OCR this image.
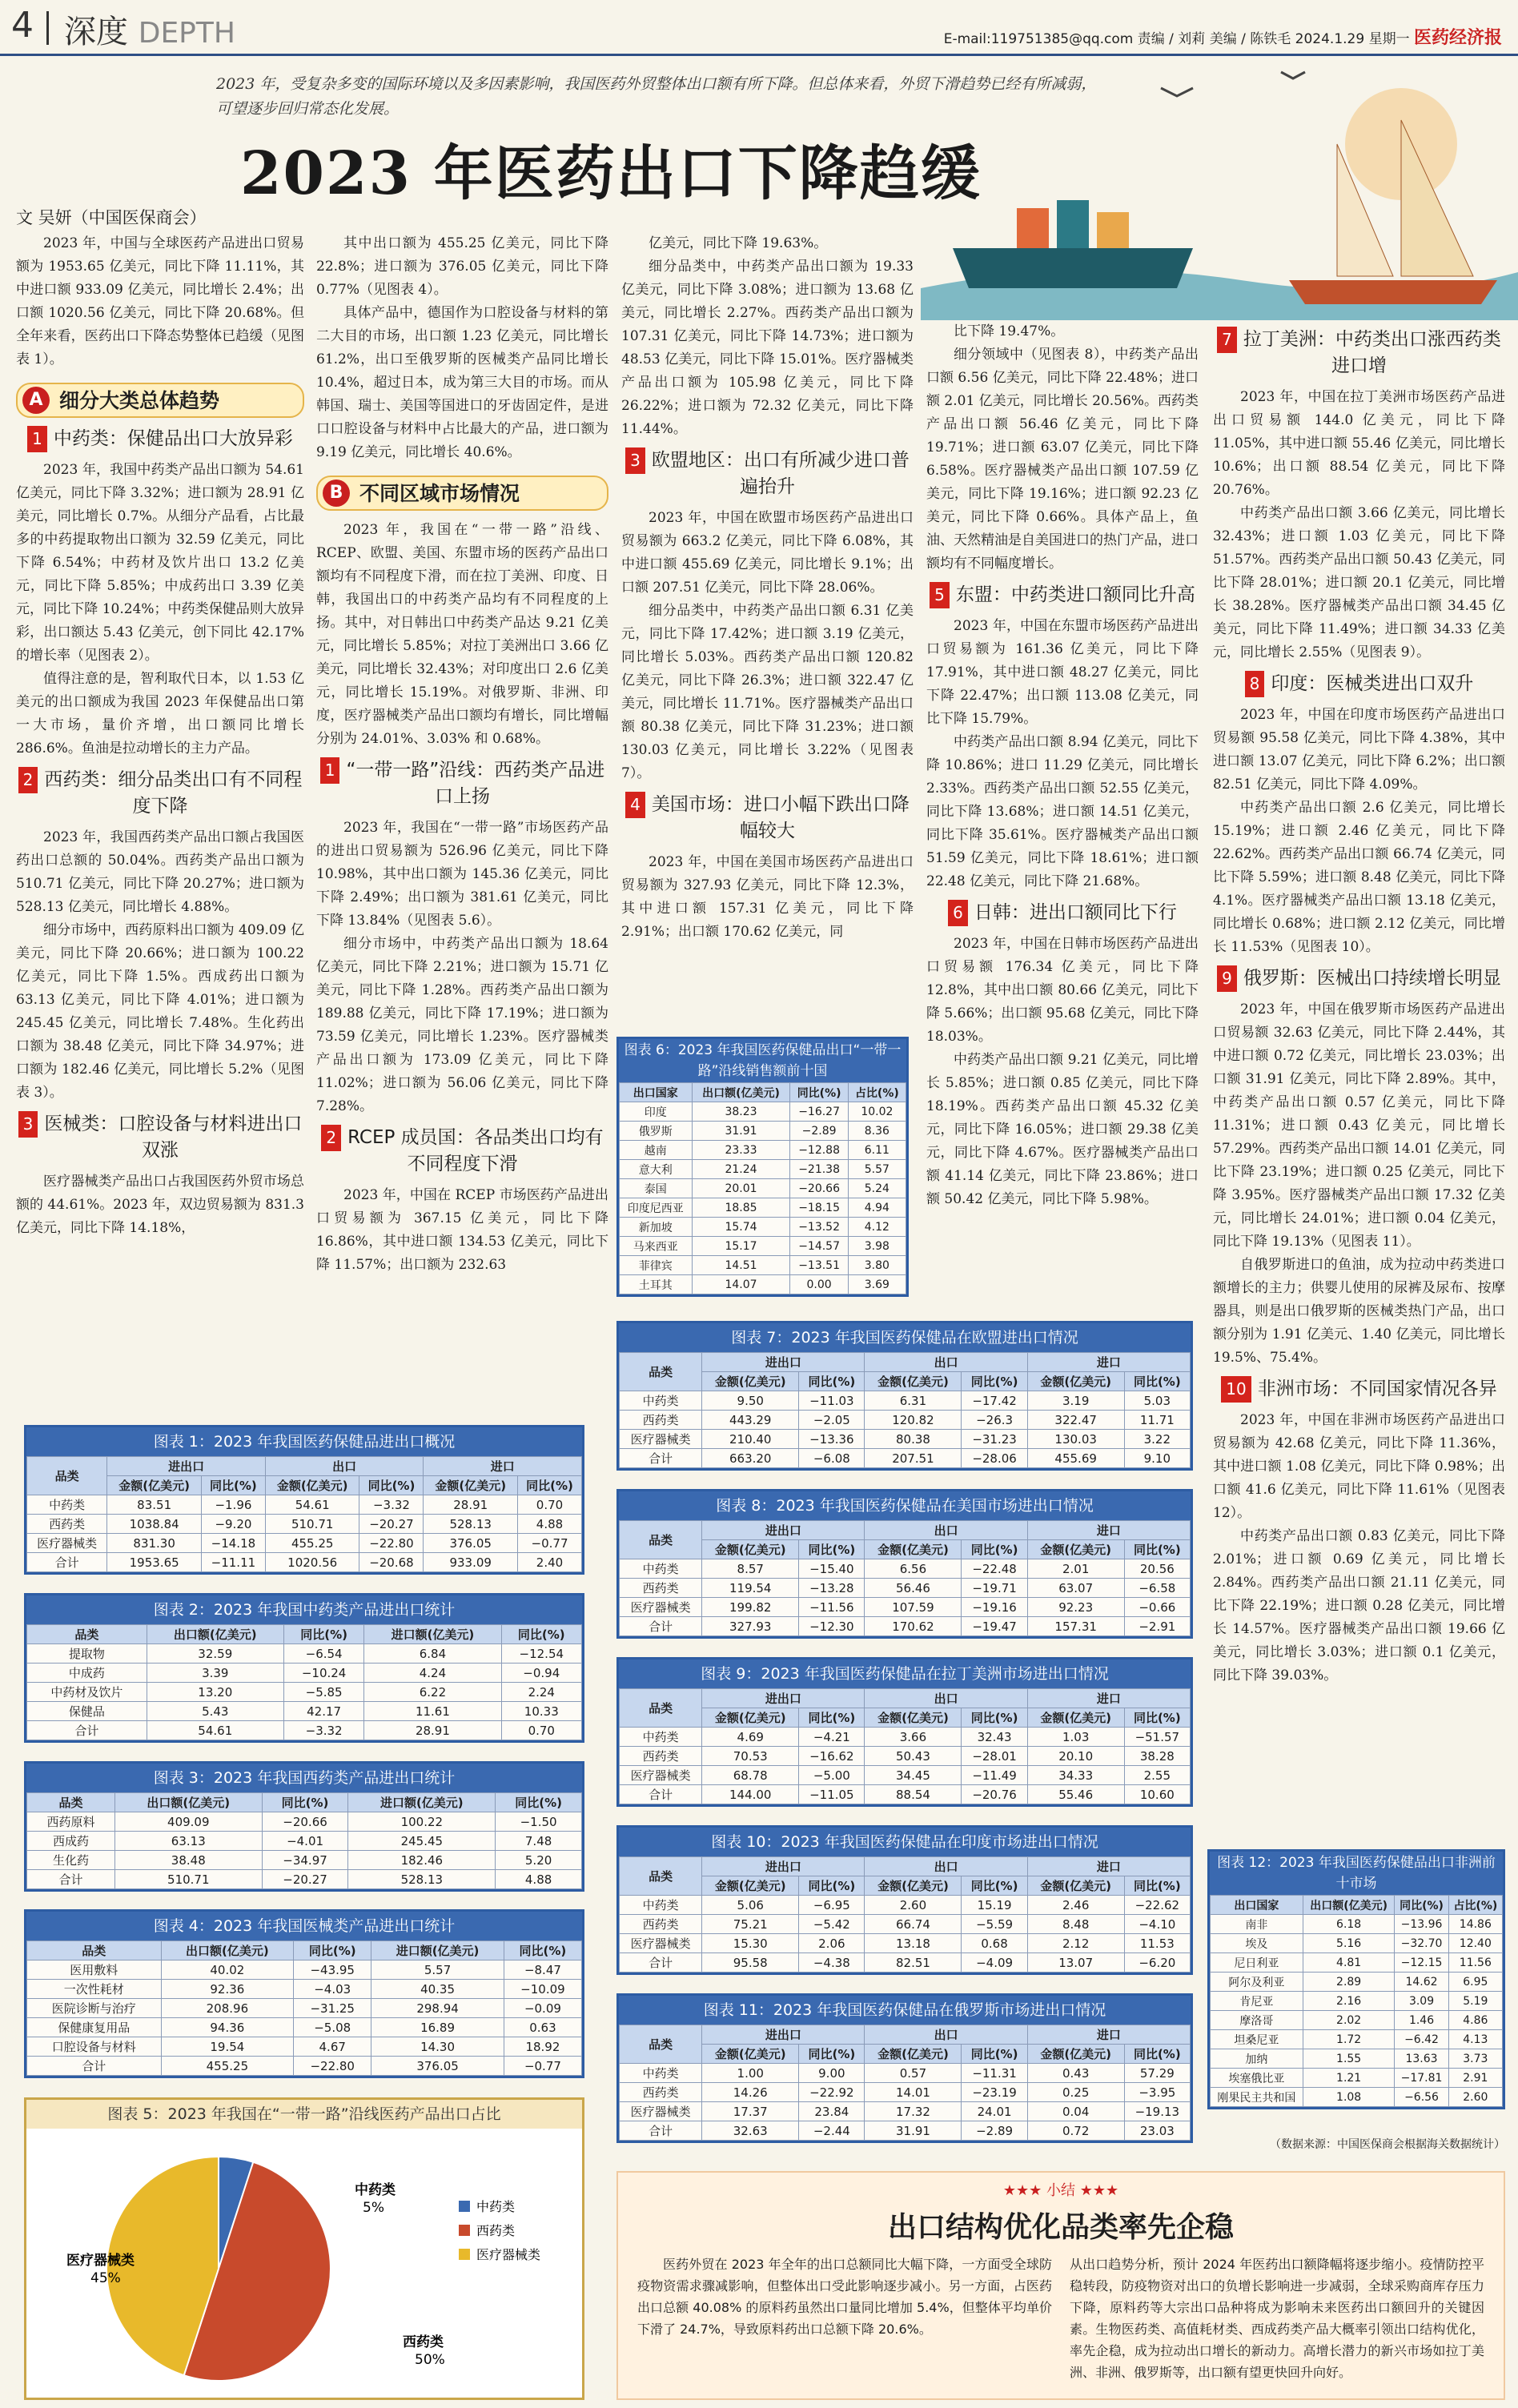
4 深度 DEPTH	E-mail:119751385@qq.com 责编 / 刘莉 美编 / 陈铁毛 2024.1.29 星期一 医药经济报
2023 年，受复杂多变的国际环境以及多因素影响，我国医药外贸整体出口额有所下降。但总体来看，外贸下滑趋势已经有所减弱，可望逐步回归常态化发展。
2023 年医药出口下降趋缓
文 吴妍（中国医保商会）

2023 年，中国与全球医药产品进出口贸易额为 1953.65 亿美元，同比下降 11.11%，其中进口额 933.09 亿美元，同比增长 2.4%；出口额 1020.56 亿美元，同比下降 20.68%。但全年来看，医药出口下降态势整体已趋缓（见图表 1）。

A 细分大类总体趋势
1 中药类：保健品出口大放异彩

2023 年，我国中药类产品出口额为 54.61 亿美元，同比下降 3.32%；进口额为 28.91 亿美元，同比增长 0.7%。从细分产品看，占比最多的中药提取物出口额为 32.59 亿美元，同比下降 6.54%；中药材及饮片出口 13.2 亿美元，同比下降 5.85%；中成药出口 3.39 亿美元，同比下降 10.24%；中药类保健品则大放异彩，出口额达 5.43 亿美元，创下同比 42.17% 的增长率（见图表 2）。

值得注意的是，智利取代日本，以 1.53 亿美元的出口额成为我国 2023 年保健品出口第一大市场，量价齐增，出口额同比增长 286.6%。鱼油是拉动增长的主力产品。

2 西药类：细分品类出口有不同程度下降

2023 年，我国西药类产品出口额占我国医药出口总额的 50.04%。西药类产品出口额为 510.71 亿美元，同比下降 20.27%；进口额为 528.13 亿美元，同比增长 4.88%。

细分市场中，西药原料出口额为 409.09 亿美元，同比下降 20.66%；进口额为 100.22 亿美元，同比下降 1.5%。西成药出口额为 63.13 亿美元，同比下降 4.01%；进口额为 245.45 亿美元，同比增长 7.48%。生化药出口额为 38.48 亿美元，同比下降 34.97%；进口额为 182.46 亿美元，同比增长 5.2%（见图表 3）。

3 医械类：口腔设备与材料进出口双涨

医疗器械类产品出口占我国医药外贸市场总额的 44.61%。2023 年，双边贸易额为 831.3 亿美元，同比下降 14.18%，

其中出口额为 455.25 亿美元，同比下降 22.8%；进口额为 376.05 亿美元，同比下降 0.77%（见图表 4）。

具体产品中，德国作为口腔设备与材料的第二大目的市场，出口额 1.23 亿美元，同比增长 61.2%，出口至俄罗斯的医械类产品同比增长 10.4%，超过日本，成为第三大目的市场。而从韩国、瑞士、美国等国进口的牙齿固定件，是进口口腔设备与材料中占比最大的产品，进口额为 9.19 亿美元，同比增长 40.6%。

B 不同区域市场情况

2023 年，我国在“一带一路”沿线、RCEP、欧盟、美国、东盟市场的医药产品出口额均有不同程度下滑，而在拉丁美洲、印度、日韩，我国出口的中药类产品均有不同程度的上扬。其中，对日韩出口中药类产品达 9.21 亿美元，同比增长 5.85%；对拉丁美洲出口 3.66 亿美元，同比增长 32.43%；对印度出口 2.6 亿美元，同比增长 15.19%。对俄罗斯、非洲、印度，医疗器械类产品出口额均有增长，同比增幅分别为 24.01%、3.03% 和 0.68%。

1 “一带一路”沿线：西药类产品进口上扬

2023 年，我国在“一带一路”市场医药产品的进出口贸易额为 526.96 亿美元，同比下降 10.98%，其中出口额为 145.36 亿美元，同比下降 2.49%；出口额为 381.61 亿美元，同比下降 13.84%（见图表 5.6）。

细分市场中，中药类产品出口额为 18.64 亿美元，同比下降 2.21%；进口额为 15.71 亿美元，同比下降 1.28%。西药类产品出口额为 189.88 亿美元，同比下降 17.19%；进口额为 73.59 亿美元，同比增长 1.23%。医疗器械类产品出口额为 173.09 亿美元，同比下降 11.02%；进口额为 56.06 亿美元，同比下降 7.28%。

2 RCEP 成员国：各品类出口均有不同程度下滑

2023 年，中国在 RCEP 市场医药产品进出口贸易额为 367.15 亿美元，同比下降 16.86%，其中进口额 134.53 亿美元，同比下降 11.57%；出口额为 232.63

亿美元，同比下降 19.63%。

细分品类中，中药类产品出口额为 19.33 亿美元，同比下降 3.08%；进口额为 13.68 亿美元，同比增长 2.27%。西药类产品出口额为 107.31 亿美元，同比下降 14.73%；进口额为 48.53 亿美元，同比下降 15.01%。医疗器械类产品出口额为 105.98 亿美元，同比下降 26.22%；进口额为 72.32 亿美元，同比下降 11.44%。

3 欧盟地区：出口有所减少进口普遍抬升

2023 年，中国在欧盟市场医药产品进出口贸易额为 663.2 亿美元，同比下降 6.08%，其中进口额 455.69 亿美元，同比增长 9.1%；出口额 207.51 亿美元，同比下降 28.06%。

细分品类中，中药类产品出口额 6.31 亿美元，同比下降 17.42%；进口额 3.19 亿美元，同比增长 5.03%。西药类产品出口额 120.82 亿美元，同比下降 26.3%；进口额 322.47 亿美元，同比增长 11.71%。医疗器械类产品出口额 80.38 亿美元，同比下降 31.23%；进口额 130.03 亿美元，同比增长 3.22%（见图表 7）。

4 美国市场：进口小幅下跌出口降幅较大

2023 年，中国在美国市场医药产品进出口贸易额为 327.93 亿美元，同比下降 12.3%，其中进口额 157.31 亿美元，同比下降 2.91%；出口额 170.62 亿美元，同

比下降 19.47%。

细分领域中（见图表 8），中药类产品出口额 6.56 亿美元，同比下降 22.48%；进口额 2.01 亿美元，同比增长 20.56%。西药类产品出口额 56.46 亿美元，同比下降 19.71%；进口额 63.07 亿美元，同比下降 6.58%。医疗器械类产品出口额 107.59 亿美元，同比下降 19.16%；进口额 92.23 亿美元，同比下降 0.66%。具体产品上，鱼油、天然精油是自美国进口的热门产品，进口额均有不同幅度增长。

5 东盟：中药类进口额同比升高

2023 年，中国在东盟市场医药产品进出口贸易额为 161.36 亿美元，同比下降 17.91%，其中进口额 48.27 亿美元，同比下降 22.47%；出口额 113.08 亿美元，同比下降 15.79%。

中药类产品出口额 8.94 亿美元，同比下降 10.86%；进口 11.29 亿美元，同比增长 2.33%。西药类产品出口额 52.55 亿美元，同比下降 13.68%；进口额 14.51 亿美元，同比下降 35.61%。医疗器械类产品出口额 51.59 亿美元，同比下降 18.61%；进口额 22.48 亿美元，同比下降 21.68%。

6 日韩：进出口额同比下行

2023 年，中国在日韩市场医药产品进出口贸易额 176.34 亿美元，同比下降 12.8%，其中出口额 80.66 亿美元，同比下降 5.66%；出口额 95.68 亿美元，同比下降 18.03%。

中药类产品出口额 9.21 亿美元，同比增长 5.85%；进口额 0.85 亿美元，同比下降 18.19%。西药类产品出口额 45.32 亿美元，同比下降 16.05%；进口额 29.38 亿美元，同比下降 4.67%。医疗器械类产品出口额 41.14 亿美元，同比下降 23.86%；进口额 50.42 亿美元，同比下降 5.98%。

7 拉丁美洲：中药类出口涨西药类进口增

2023 年，中国在拉丁美洲市场医药产品进出口贸易额 144.0 亿美元，同比下降 11.05%，其中进口额 55.46 亿美元，同比增长 10.6%；出口额 88.54 亿美元，同比下降 20.76%。

中药类产品出口额 3.66 亿美元，同比增长 32.43%；进口额 1.03 亿美元，同比下降 51.57%。西药类产品出口额 50.43 亿美元，同比下降 28.01%；进口额 20.1 亿美元，同比增长 38.28%。医疗器械类产品出口额 34.45 亿美元，同比下降 11.49%；进口额 34.33 亿美元，同比增长 2.55%（见图表 9）。

8 印度：医械类进出口双升

2023 年，中国在印度市场医药产品进出口贸易额 95.58 亿美元，同比下降 4.38%，其中进口额 13.07 亿美元，同比下降 6.2%；出口额 82.51 亿美元，同比下降 4.09%。

中药类产品出口额 2.6 亿美元，同比增长 15.19%；进口额 2.46 亿美元，同比下降 22.62%。西药类产品出口额 66.74 亿美元，同比下降 5.59%；进口额 8.48 亿美元，同比下降 4.1%。医疗器械类产品出口额 13.18 亿美元，同比增长 0.68%；进口额 2.12 亿美元，同比增长 11.53%（见图表 10）。

9 俄罗斯：医械出口持续增长明显

2023 年，中国在俄罗斯市场医药产品进出口贸易额 32.63 亿美元，同比下降 2.44%，其中进口额 0.72 亿美元，同比增长 23.03%；出口额 31.91 亿美元，同比下降 2.89%。其中，中药类产品出口额 0.57 亿美元，同比下降 11.31%；进口额 0.43 亿美元，同比增长 57.29%。西药类产品出口额 14.01 亿美元，同比下降 23.19%；进口额 0.25 亿美元，同比下降 3.95%。医疗器械类产品出口额 17.32 亿美元，同比增长 24.01%；进口额 0.04 亿美元，同比下降 19.13%（见图表 11）。

自俄罗斯进口的鱼油，成为拉动中药类进口额增长的主力；供婴儿使用的尿裤及尿布、按摩器具，则是出口俄罗斯的医械类热门产品，出口额分别为 1.91 亿美元、1.40 亿美元，同比增长 19.5%、75.4%。

10 非洲市场：不同国家情况各异

2023 年，中国在非洲市场医药产品进出口贸易额为 42.68 亿美元，同比下降 11.36%，其中进口额 1.08 亿美元，同比下降 0.98%；出口额 41.6 亿美元，同比下降 11.61%（见图表 12）。

中药类产品出口额 0.83 亿美元，同比下降 2.01%；进口额 0.69 亿美元，同比增长 2.84%。西药类产品出口额 21.11 亿美元，同比下降 22.19%；进口额 0.28 亿美元，同比增长 14.57%。医疗器械类产品出口额 19.66 亿美元，同比增长 3.03%；进口额 0.1 亿美元，同比下降 39.03%。

图表 1：2023 年我国医药保健品进出口概况
品类	进出口		出口		进口	
	金额(亿美元)	同比(%)	金额(亿美元)	同比(%)	金额(亿美元)	同比(%)
中药类	83.51	−1.96	54.61	−3.32	28.91	0.70
西药类	1038.84	−9.20	510.71	−20.27	528.13	4.88
医疗器械类	831.30	−14.18	455.25	−22.80	376.05	−0.77
合计	1953.65	−11.11	1020.56	−20.68	933.09	2.40
图表 2：2023 年我国中药类产品进出口统计
品类	出口额(亿美元)	同比(%)	进口额(亿美元)	同比(%)
提取物	32.59	−6.54	6.84	−12.54
中成药	3.39	−10.24	4.24	−0.94
中药材及饮片	13.20	−5.85	6.22	2.24
保健品	5.43	42.17	11.61	10.33
合计	54.61	−3.32	28.91	0.70
图表 3：2023 年我国西药类产品进出口统计
品类	出口额(亿美元)	同比(%)	进口额(亿美元)	同比(%)
西药原料	409.09	−20.66	100.22	−1.50
西成药	63.13	−4.01	245.45	7.48
生化药	38.48	−34.97	182.46	5.20
合计	510.71	−20.27	528.13	4.88
图表 4：2023 年我国医械类产品进出口统计
品类	出口额(亿美元)	同比(%)	进口额(亿美元)	同比(%)
医用敷料	40.02	−43.95	5.57	−8.47
一次性耗材	92.36	−4.03	40.35	−10.09
医院诊断与治疗	208.96	−31.25	298.94	−0.09
保健康复用品	94.36	−5.08	16.89	0.63
口腔设备与材料	19.54	4.67	14.30	18.92
合计	455.25	−22.80	376.05	−0.77
图表 5：2023 年我国在“一带一路”沿线医药产品出口占比
中药类
5%
西药类
50%
医疗器械类
45%
中药类
西药类
医疗器械类
图表 6：2023 年我国医药保健品出口“一带一路”沿线销售额前十国
出口国家	出口额(亿美元)	同比(%)	占比(%)
印度	38.23	−16.27	10.02
俄罗斯	31.91	−2.89	8.36
越南	23.33	−12.88	6.11
意大利	21.24	−21.38	5.57
泰国	20.01	−20.66	5.24
印度尼西亚	18.85	−18.15	4.94
新加坡	15.74	−13.52	4.12
马来西亚	15.17	−14.57	3.98
菲律宾	14.51	−13.51	3.80
土耳其	14.07	0.00	3.69
图表 7：2023 年我国医药保健品在欧盟进出口情况
品类	进出口		出口		进口	
	金额(亿美元)	同比(%)	金额(亿美元)	同比(%)	金额(亿美元)	同比(%)
中药类	9.50	−11.03	6.31	−17.42	3.19	5.03
西药类	443.29	−2.05	120.82	−26.3	322.47	11.71
医疗器械类	210.40	−13.36	80.38	−31.23	130.03	3.22
合计	663.20	−6.08	207.51	−28.06	455.69	9.10
图表 8：2023 年我国医药保健品在美国市场进出口情况
品类	进出口		出口		进口	
	金额(亿美元)	同比(%)	金额(亿美元)	同比(%)	金额(亿美元)	同比(%)
中药类	8.57	−15.40	6.56	−22.48	2.01	20.56
西药类	119.54	−13.28	56.46	−19.71	63.07	−6.58
医疗器械类	199.82	−11.56	107.59	−19.16	92.23	−0.66
合计	327.93	−12.30	170.62	−19.47	157.31	−2.91
图表 9：2023 年我国医药保健品在拉丁美洲市场进出口情况
品类	进出口		出口		进口	
	金额(亿美元)	同比(%)	金额(亿美元)	同比(%)	金额(亿美元)	同比(%)
中药类	4.69	−4.21	3.66	32.43	1.03	−51.57
西药类	70.53	−16.62	50.43	−28.01	20.10	38.28
医疗器械类	68.78	−5.00	34.45	−11.49	34.33	2.55
合计	144.00	−11.05	88.54	−20.76	55.46	10.60
图表 10：2023 年我国医药保健品在印度市场进出口情况
品类	进出口		出口		进口	
	金额(亿美元)	同比(%)	金额(亿美元)	同比(%)	金额(亿美元)	同比(%)
中药类	5.06	−6.95	2.60	15.19	2.46	−22.62
西药类	75.21	−5.42	66.74	−5.59	8.48	−4.10
医疗器械类	15.30	2.06	13.18	0.68	2.12	11.53
合计	95.58	−4.38	82.51	−4.09	13.07	−6.20
图表 11：2023 年我国医药保健品在俄罗斯市场进出口情况
品类	进出口		出口		进口	
	金额(亿美元)	同比(%)	金额(亿美元)	同比(%)	金额(亿美元)	同比(%)
中药类	1.00	9.00	0.57	−11.31	0.43	57.29
西药类	14.26	−22.92	14.01	−23.19	0.25	−3.95
医疗器械类	17.37	23.84	17.32	24.01	0.04	−19.13
合计	32.63	−2.44	31.91	−2.89	0.72	23.03
图表 12：2023 年我国医药保健品出口非洲前十市场
出口国家	出口额(亿美元)	同比(%)	占比(%)
南非	6.18	−13.96	14.86
埃及	5.16	−32.70	12.40
尼日利亚	4.81	−12.15	11.56
阿尔及利亚	2.89	14.62	6.95
肯尼亚	2.16	3.09	5.19
摩洛哥	2.02	1.46	4.86
坦桑尼亚	1.72	−6.42	4.13
加纳	1.55	13.63	3.73
埃塞俄比亚	1.21	−17.81	2.91
刚果民主共和国	1.08	−6.56	2.60
（数据来源：中国医保商会根据海关数据统计）
★★★ 小结 ★★★
出口结构优化品类率先企稳

医药外贸在 2023 年全年的出口总额同比大幅下降，一方面受全球防疫物资需求骤减影响，但整体出口受此影响逐步减小。另一方面，占医药出口总额 40.08% 的原料药虽然出口量同比增加 5.4%，但整体平均单价下滑了 24.7%，导致原料药出口总额下降 20.6%。

从出口趋势分析，预计 2024 年医药出口额降幅将逐步缩小。疫情防控平稳转段，防疫物资对出口的负增长影响进一步减弱，全球采购商库存压力下降，原料药等大宗出口品种将成为影响未来医药出口额回升的关键因素。生物医药类、高值耗材类、西成药类产品大概率引领出口结构优化，率先企稳，成为拉动出口增长的新动力。高增长潜力的新兴市场如拉丁美洲、非洲、俄罗斯等，出口额有望更快回升向好。
